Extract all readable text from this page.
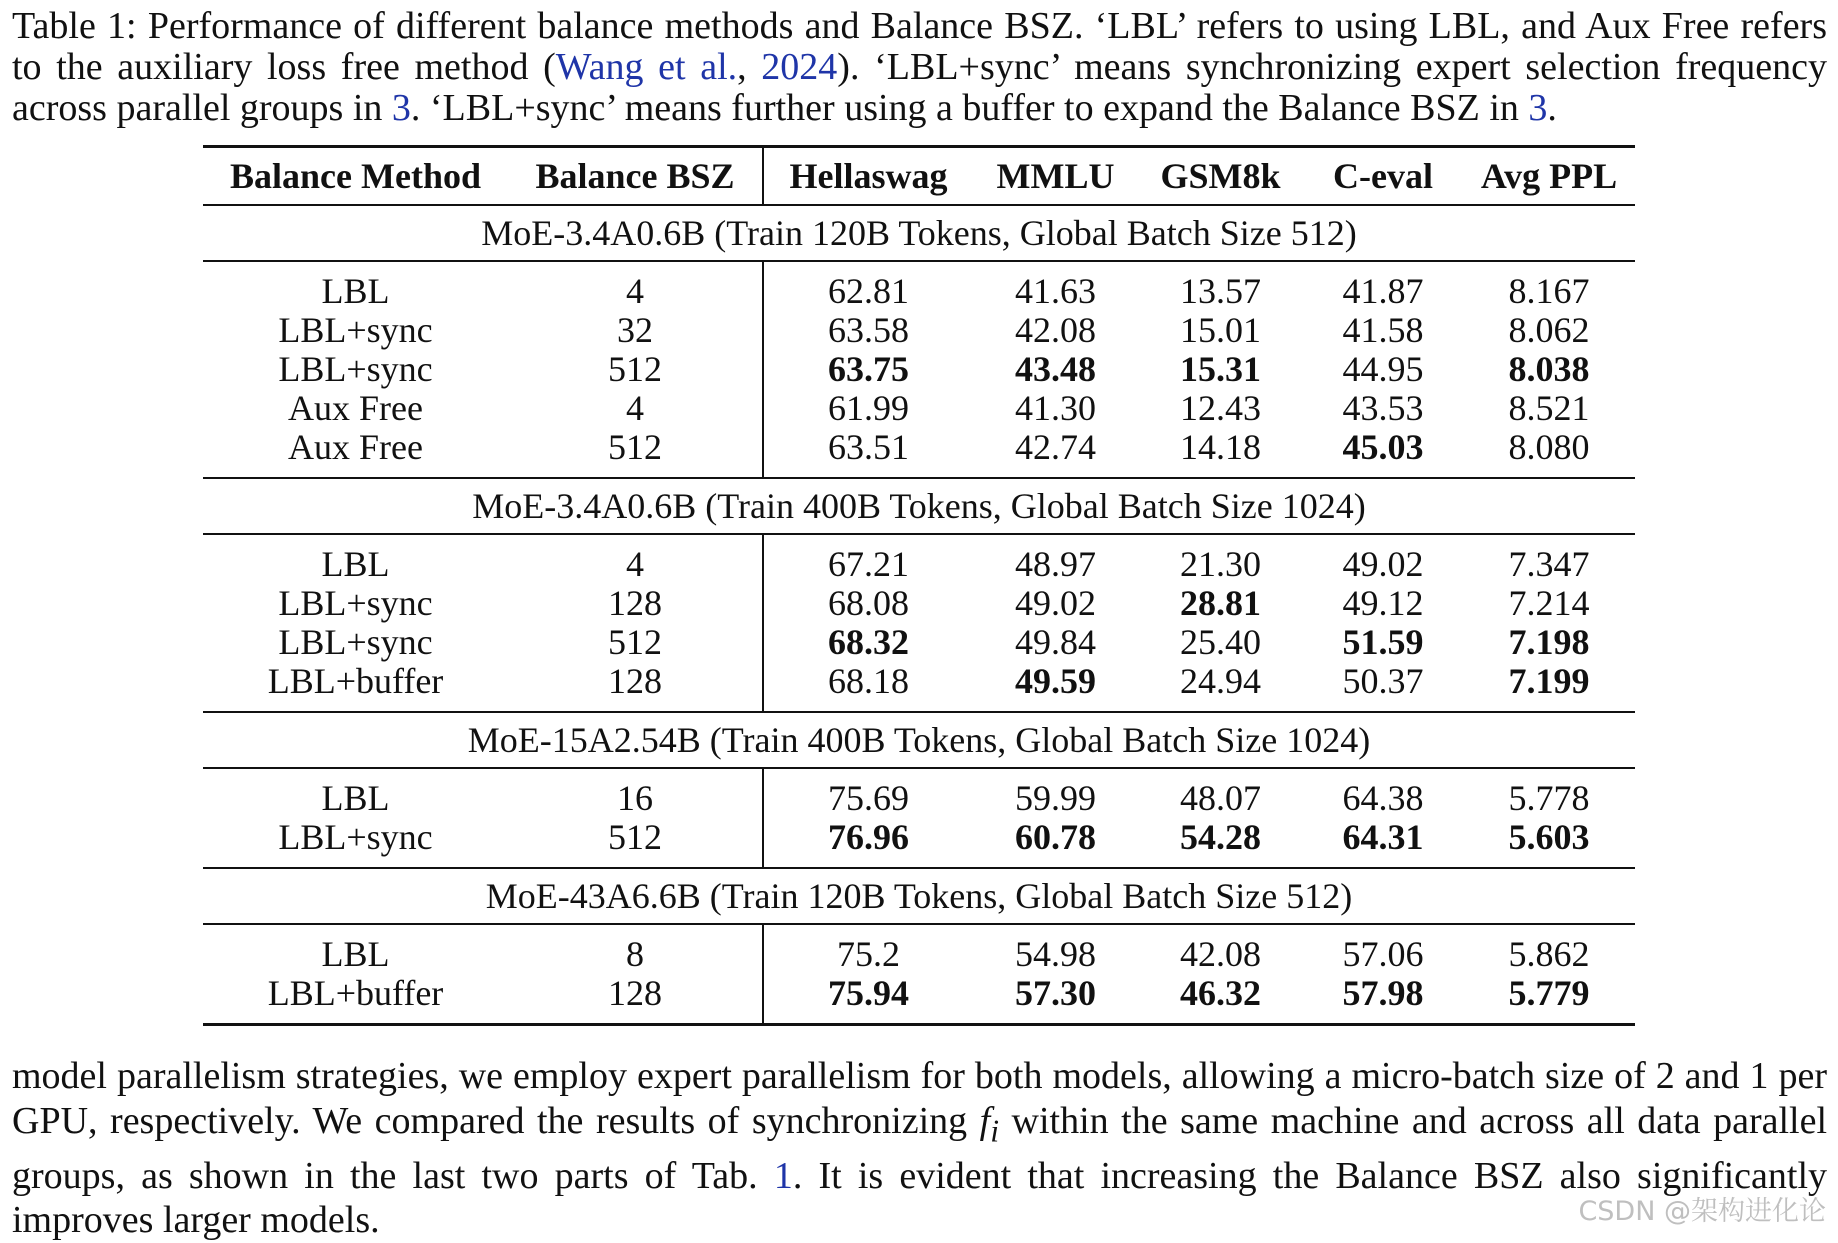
Table 1: Performance of different balance methods and Balance BSZ. ‘LBL’ refers to using LBL, and Aux Free refers to the auxiliary loss free method (Wang et al., 2024). ‘LBL+sync’ means synchronizing expert selection frequency across parallel groups in 3. ‘LBL+sync’ means further using a buffer to expand the Balance BSZ in 3.
Balance Method	Balance BSZ	Hellaswag	MMLU	GSM8k	C-eval	Avg PPL
MoE-3.4A0.6B (Train 120B Tokens, Global Batch Size 512)						
LBL	4	62.81	41.63	13.57	41.87	8.167
LBL+sync	32	63.58	42.08	15.01	41.58	8.062
LBL+sync	512	63.75	43.48	15.31	44.95	8.038
Aux Free	4	61.99	41.30	12.43	43.53	8.521
Aux Free	512	63.51	42.74	14.18	45.03	8.080
MoE-3.4A0.6B (Train 400B Tokens, Global Batch Size 1024)						
LBL	4	67.21	48.97	21.30	49.02	7.347
LBL+sync	128	68.08	49.02	28.81	49.12	7.214
LBL+sync	512	68.32	49.84	25.40	51.59	7.198
LBL+buffer	128	68.18	49.59	24.94	50.37	7.199
MoE-15A2.54B (Train 400B Tokens, Global Batch Size 1024)						
LBL	16	75.69	59.99	48.07	64.38	5.778
LBL+sync	512	76.96	60.78	54.28	64.31	5.603
MoE-43A6.6B (Train 120B Tokens, Global Batch Size 512)						
LBL	8	75.2	54.98	42.08	57.06	5.862
LBL+buffer	128	75.94	57.30	46.32	57.98	5.779
model parallelism strategies, we employ expert parallelism for both models, allowing a micro-batch size of 2 and 1 per GPU, respectively. We compared the results of synchronizing $f_i$ within the same machine and across all data parallel groups, as shown in the last two parts of Tab. 1. It is evident that increasing the Balance BSZ also significantly improves larger models.	CSDN @架构进化论
